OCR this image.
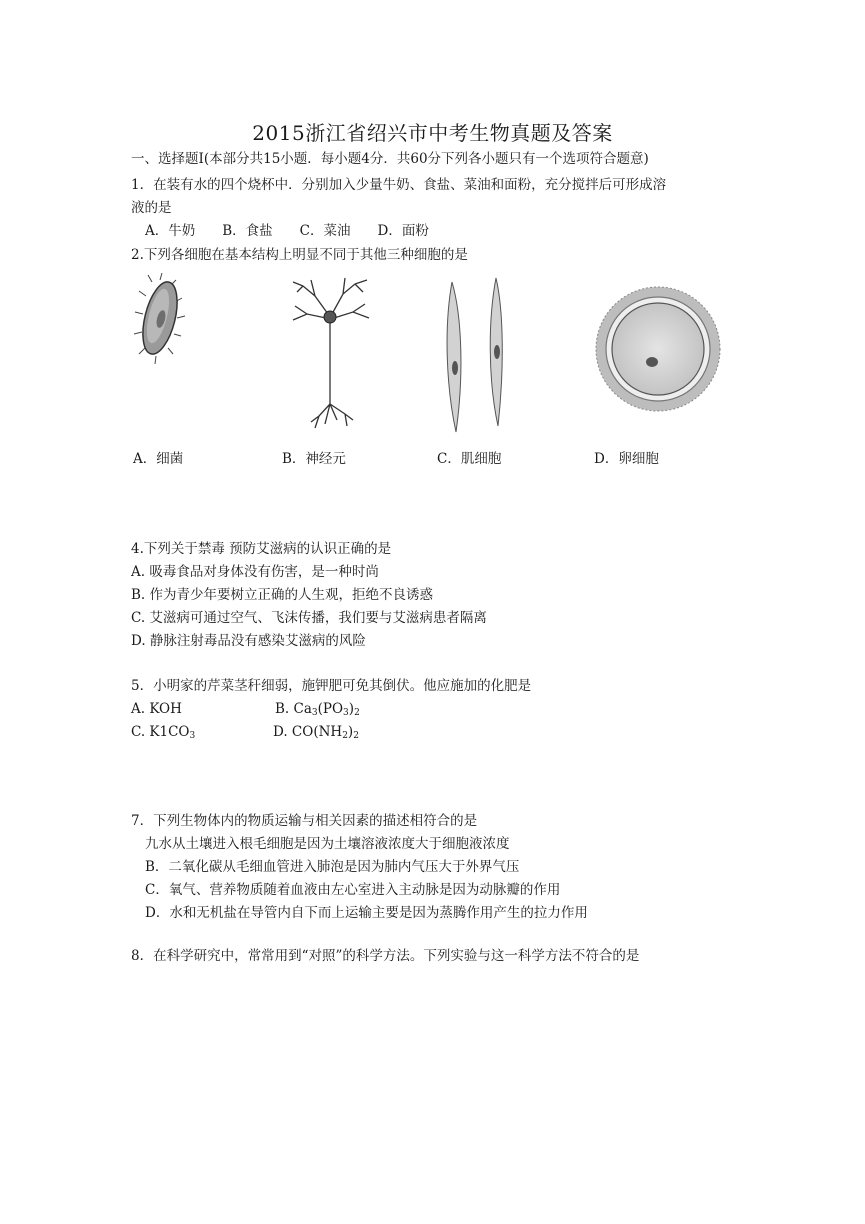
2015浙江省绍兴市中考生物真题及答案
一、选择题Ⅰ(本部分共15小题．每小题4分．共60分下列各小题只有一个选项符合题意)
1．在装有水的四个烧杯中．分别加入少量牛奶、食盐、菜油和面粉，充分搅拌后可形成溶
液的是
A．牛奶　　B．食盐　　C．菜油　　D．面粉
2.下列各细胞在基本结构上明显不同于其他三种细胞的是
A．细菌	B．神经元	C．肌细胞	D．卵细胞
4.下列关于禁毒 预防艾滋病的认识正确的是
A. 吸毒食品对身体没有伤害，是一种时尚
B. 作为青少年要树立正确的人生观，拒绝不良诱惑
C. 艾滋病可通过空气、飞沫传播，我们要与艾滋病患者隔离
D. 静脉注射毒品没有感染艾滋病的风险
5．小明家的芹菜茎秆细弱，施钾肥可免其倒伏。他应施加的化肥是
A. KOH	B. $Ca_3(PO_3)_2$
C. $K1CO_3$	D. $CO(NH_2)_2$
7．下列生物体内的物质运输与相关因素的描述相符合的是
九水从土壤进入根毛细胞是因为土壤溶液浓度大于细胞液浓度
B．二氧化碳从毛细血管进入肺泡是因为肺内气压大于外界气压
C．氧气、营养物质随着血液由左心室进入主动脉是因为动脉瓣的作用
D．水和无机盐在导管内自下而上运输主要是因为蒸腾作用产生的拉力作用
8．在科学研究中，常常用到“对照”的科学方法。下列实验与这一科学方法不符合的是
